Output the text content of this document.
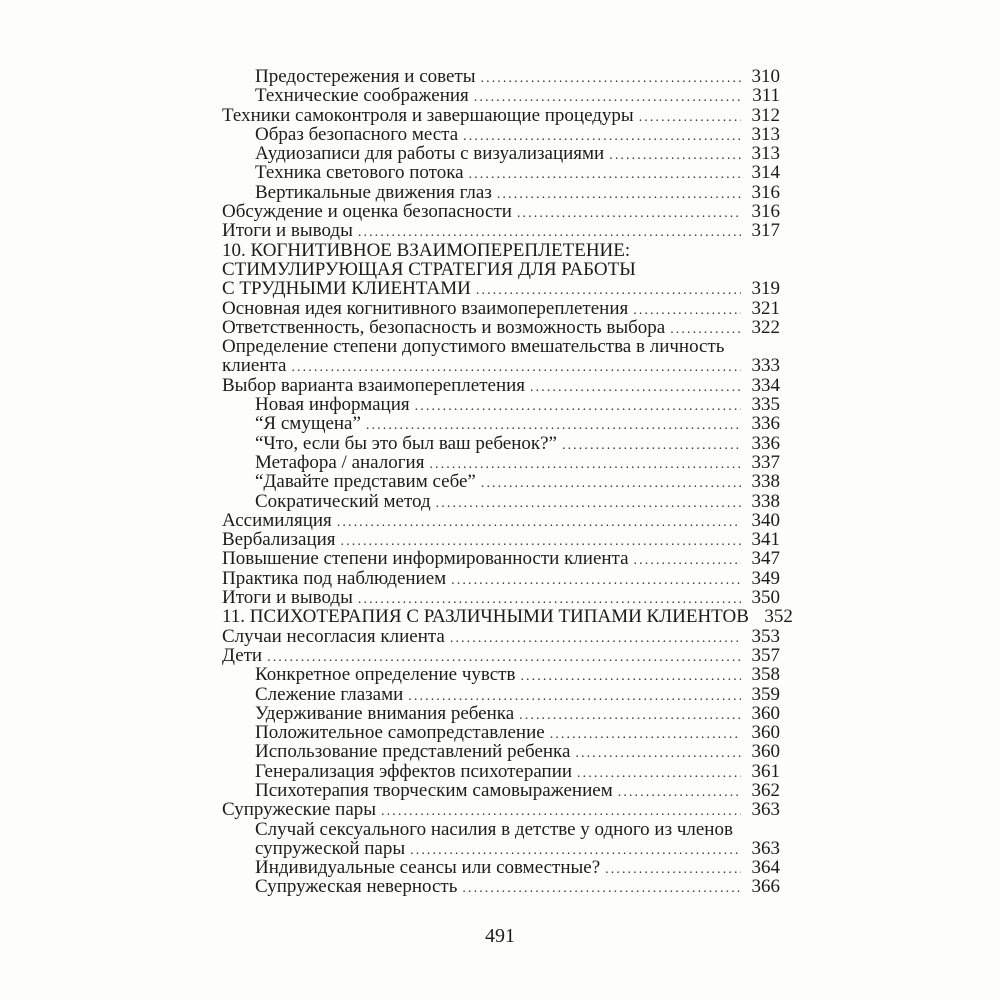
Предостережения и советы .....	310
Технические соображения .....	311
Техники самоконтроля и завершающие процедуры .....	312
Образ безопасного места .....	313
Аудиозаписи для работы с визуализациями .....	313
Техника светового потока .....	314
Вертикальные движения глаз .....	316
Обсуждение и оценка безопасности .....	316
Итоги и выводы .....	317
10. КОГНИТИВНОЕ ВЗАИМОПЕРЕПЛЕТЕНИЕ:
СТИМУЛИРУЮЩАЯ СТРАТЕГИЯ ДЛЯ РАБОТЫ
С ТРУДНЫМИ КЛИЕНТАМИ .....	319
Основная идея когнитивного взаимопереплетения .....	321
Ответственность, безопасность и возможность выбора .....	322
Определение степени допустимого вмешательства в личность
клиента .....	333
Выбор варианта взаимопереплетения .....	334
Новая информация .....	335
“Я смущена” .....	336
“Что, если бы это был ваш ребенок?” .....	336
Метафора / аналогия .....	337
“Давайте представим себе” .....	338
Сократический метод .....	338
Ассимиляция .....	340
Вербализация .....	341
Повышение степени информированности клиента .....	347
Практика под наблюдением .....	349
Итоги и выводы .....	350
11. ПСИХОТЕРАПИЯ С РАЗЛИЧНЫМИ ТИПАМИ КЛИЕНТОВ 352
Случаи несогласия клиента .....	353
Дети .....	357
Конкретное определение чувств .....	358
Слежение глазами .....	359
Удерживание внимания ребенка .....	360
Положительное самопредставление .....	360
Использование представлений ребенка .....	360
Генерализация эффектов психотерапии .....	361
Психотерапия творческим самовыражением .....	362
Супружеские пары .....	363
Случай сексуального насилия в детстве у одного из членов
супружеской пары .....	363
Индивидуальные сеансы или совместные? .....	364
Супружеская неверность .....	366
491
